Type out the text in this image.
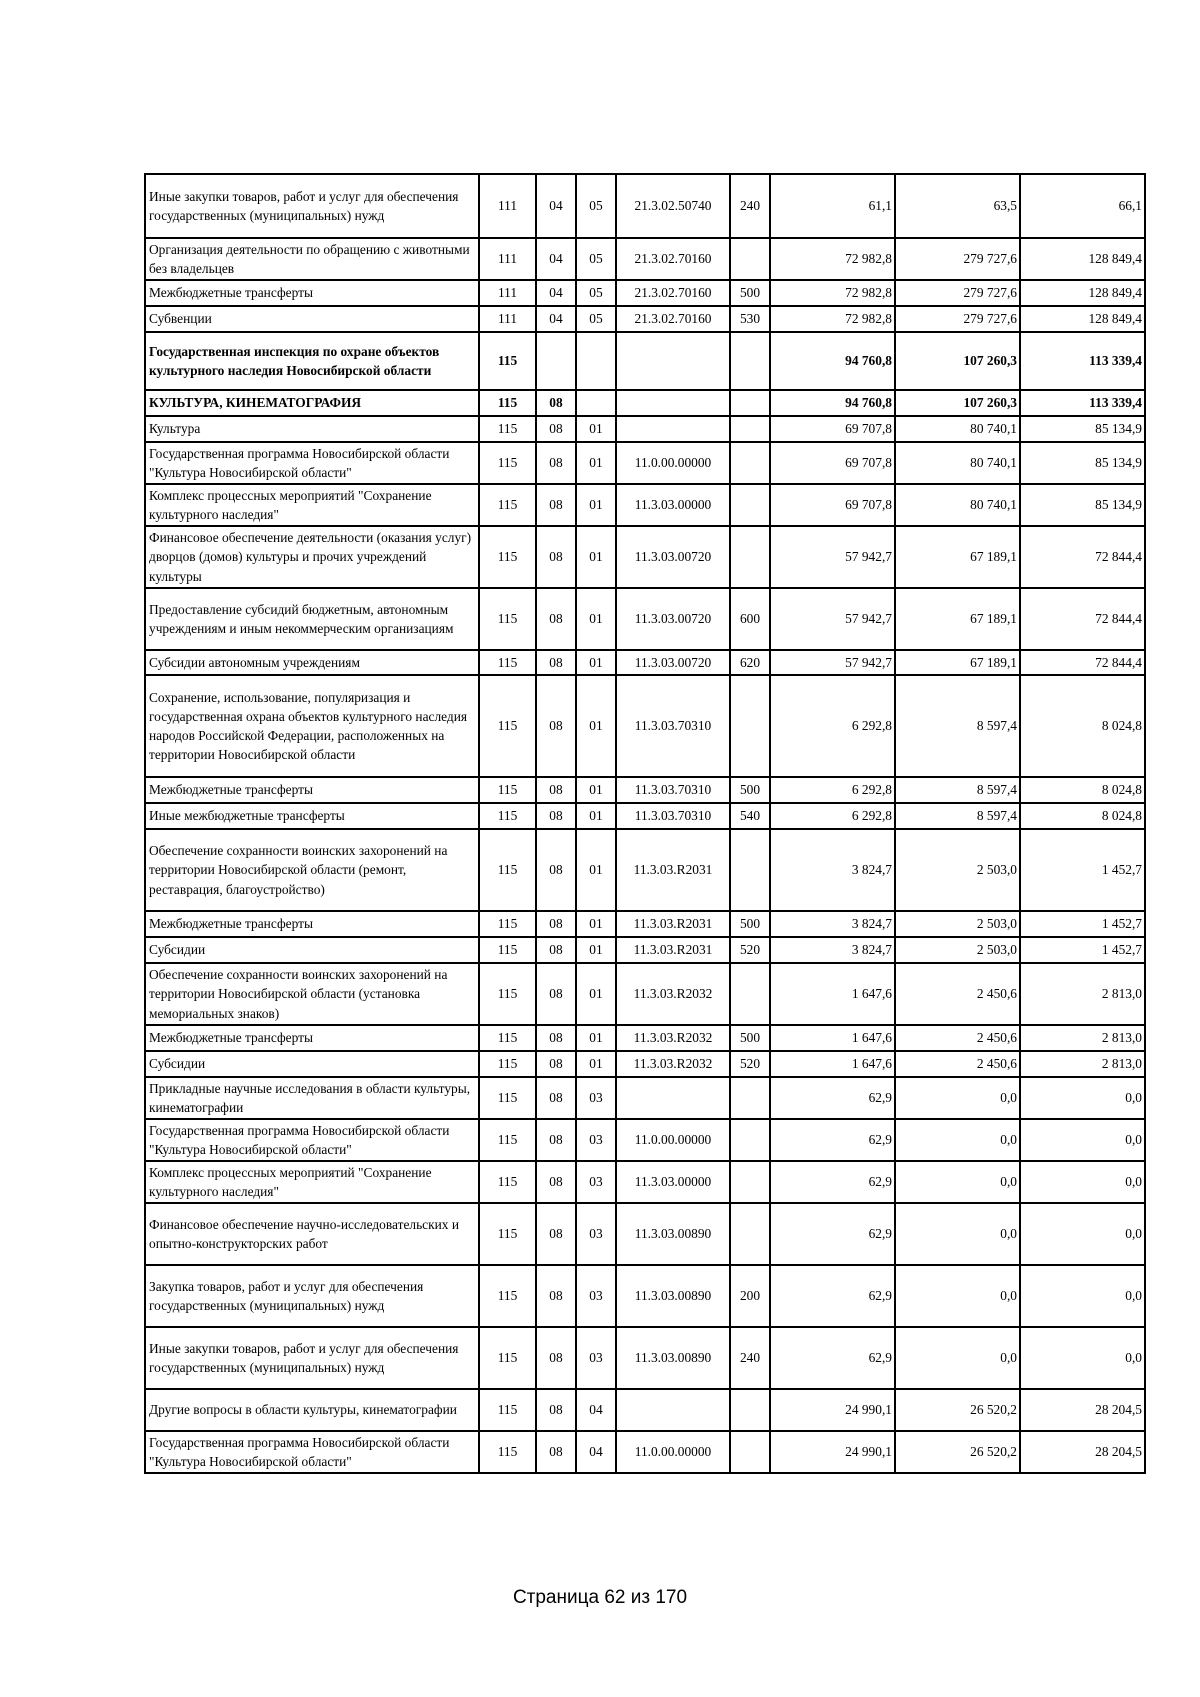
Иные закупки товаров, работ и услуг для обеспечения государственных (муниципальных) нужд	111	04	05	21.3.02.50740	240	61,1	63,5	66,1
Организация деятельности по обращению с животными без владельцев	111	04	05	21.3.02.70160		72 982,8	279 727,6	128 849,4
Межбюджетные трансферты	111	04	05	21.3.02.70160	500	72 982,8	279 727,6	128 849,4
Субвенции	111	04	05	21.3.02.70160	530	72 982,8	279 727,6	128 849,4
Государственная инспекция по охране объектов культурного наследия Новосибирской области	115					94 760,8	107 260,3	113 339,4
КУЛЬТУРА, КИНЕМАТОГРАФИЯ	115	08				94 760,8	107 260,3	113 339,4
Культура	115	08	01			69 707,8	80 740,1	85 134,9
Государственная программа Новосибирской области "Культура Новосибирской области"	115	08	01	11.0.00.00000		69 707,8	80 740,1	85 134,9
Комплекс процессных мероприятий "Сохранение культурного наследия"	115	08	01	11.3.03.00000		69 707,8	80 740,1	85 134,9
Финансовое обеспечение деятельности (оказания услуг) дворцов (домов) культуры и прочих учреждений культуры	115	08	01	11.3.03.00720		57 942,7	67 189,1	72 844,4
Предоставление субсидий бюджетным, автономным учреждениям и иным некоммерческим организациям	115	08	01	11.3.03.00720	600	57 942,7	67 189,1	72 844,4
Субсидии автономным учреждениям	115	08	01	11.3.03.00720	620	57 942,7	67 189,1	72 844,4
Сохранение, использование, популяризация и государственная охрана объектов культурного наследия народов Российской Федерации, расположенных на территории Новосибирской области	115	08	01	11.3.03.70310		6 292,8	8 597,4	8 024,8
Межбюджетные трансферты	115	08	01	11.3.03.70310	500	6 292,8	8 597,4	8 024,8
Иные межбюджетные трансферты	115	08	01	11.3.03.70310	540	6 292,8	8 597,4	8 024,8
Обеспечение сохранности воинских захоронений на территории Новосибирской области (ремонт, реставрация, благоустройство)	115	08	01	11.3.03.R2031		3 824,7	2 503,0	1 452,7
Межбюджетные трансферты	115	08	01	11.3.03.R2031	500	3 824,7	2 503,0	1 452,7
Субсидии	115	08	01	11.3.03.R2031	520	3 824,7	2 503,0	1 452,7
Обеспечение сохранности воинских захоронений на территории Новосибирской области (установка мемориальных знаков)	115	08	01	11.3.03.R2032		1 647,6	2 450,6	2 813,0
Межбюджетные трансферты	115	08	01	11.3.03.R2032	500	1 647,6	2 450,6	2 813,0
Субсидии	115	08	01	11.3.03.R2032	520	1 647,6	2 450,6	2 813,0
Прикладные научные исследования в области культуры, кинематографии	115	08	03			62,9	0,0	0,0
Государственная программа Новосибирской области "Культура Новосибирской области"	115	08	03	11.0.00.00000		62,9	0,0	0,0
Комплекс процессных мероприятий "Сохранение культурного наследия"	115	08	03	11.3.03.00000		62,9	0,0	0,0
Финансовое обеспечение научно-исследовательских и опытно-конструкторских работ	115	08	03	11.3.03.00890		62,9	0,0	0,0
Закупка товаров, работ и услуг для обеспечения государственных (муниципальных) нужд	115	08	03	11.3.03.00890	200	62,9	0,0	0,0
Иные закупки товаров, работ и услуг для обеспечения государственных (муниципальных) нужд	115	08	03	11.3.03.00890	240	62,9	0,0	0,0
Другие вопросы в области культуры, кинематографии	115	08	04			24 990,1	26 520,2	28 204,5
Государственная программа Новосибирской области "Культура Новосибирской области"	115	08	04	11.0.00.00000		24 990,1	26 520,2	28 204,5
Страница 62 из 170
